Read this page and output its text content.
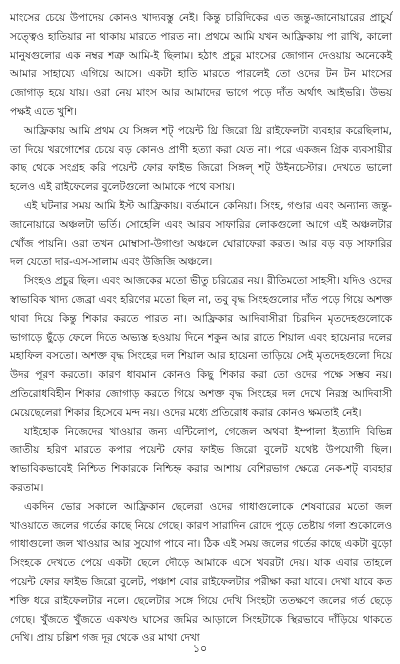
মাংসের চেয়ে উপাদেয় কোনও খাদ্যবস্তু নেই। কিন্তু চারিদিকের এত জন্তু-জানোয়ারের প্রাচুর্য সত্ত্বেও হাতিয়ার না থাকায় মারতে পারত না। প্রথমে আমি যখন আফ্রিকায় পা রাখি, কালো মানুষগুলোর এক নম্বর শত্রু আমি-ই ছিলাম। হঠাৎ প্রচুর মাংসের জোগান দেওয়ায় অনেকেই আমার সাহায্যে এগিয়ে আসে। একটা হাতি মারতে পারলেই তো ওদের টন টন মাংসের জোগাড় হয়ে যায়। ওরা নেয় মাংস আর আমাদের ভাগে পড়ে দাঁত অর্থাৎ আইভরি। উভয় পক্ষই এতে খুশি।

আফ্রিকায় আমি প্রথম যে সিঙ্গল শট্‌ পয়েন্ট থ্রি জিরো থ্রি রাইফেলটা ব্যবহার করেছিলাম, তা দিয়ে খরগোশের চেয়ে বড় কোনও প্রাণী হত্যা করা যেত না। পরে একজন গ্রিক ব্যবসায়ীর কাছ থেকে সংগ্রহ করি পয়েন্ট ফোর ফাইভ জিরো সিঙ্গল্‌ শট্‌ উইনচেস্টার। দেখতে ভালো হলেও এই রাইফেলের বুলেটগুলো আমাকে পথে বসায়।

এই ঘটনার সময় আমি ইস্ট আফ্রিকায়। বর্তমানে কেনিয়া। সিংহ, গণ্ডার এবং অন্যান্য জন্তু-জানোয়ারে অঞ্চলটা ভর্তি। সোহেলি এবং আরব সাফারির লোকগুলো আগে এই অঞ্চলটার খোঁজ পায়নি। ওরা তখন মোম্বাসা-উগাণ্ডা অঞ্চলে ঘোরাফেরা করত। আর বড় বড় সাফারির দল যেতো দার-এস-সালাম এবং উজিজি অঞ্চলে।

সিংহও প্রচুর ছিল। এবং আজকের মতো ভীতু চরিত্রের নয়। রীতিমতো সাহসী। যদিও ওদের স্বাভাবিক খাদ্য জেব্রা এবং হরিণের মতো ছিল না, তবু বৃদ্ধ সিংহগুলোর দাঁত পড়ে গিয়ে অশক্ত থাবা দিয়ে কিন্তু শিকার করতে পারত না। আফ্রিকার আদিবাসীরা চিরদিন মৃতদেহগুলোকে ভাগাড়ে ছুঁড়ে ফেলে দিতে অভ্যস্ত হওয়ায় দিনে শকুন আর রাতে শিয়াল এবং হায়েনার দলের মহাফিল বসতো। অশক্ত বৃদ্ধ সিংহের দল শিয়াল আর হায়েনা তাড়িয়ে সেই মৃতদেহগুলো দিয়ে উদর পূরণ করতো। কারণ ধাবমান কোনও কিছু শিকার করা তো ওদের পক্ষে সম্ভব নয়। প্রতিরোধবিহীন শিকার জোগাড় করতে গিয়ে অশক্ত বৃদ্ধ সিংহের দল দেখে নিরস্ত্র আদিবাসী মেয়েছেলেরা শিকার হিসেবে মন্দ নয়। ওদের মধ্যে প্রতিরোধ করার কোনও ক্ষমতাই নেই।

যাইহোক নিজেদের খাওয়ার জন্য এন্টিলোপ, গেজেল অথবা ইম্পালা ইত্যাদি বিভিন্ন জাতীয় হরিণ মারতে কপার পয়েন্ট ফোর ফাইভ জিরো বুলেট যথেষ্ট উপযোগী ছিল। স্বাভাবিকভাবেই নিশ্চিত শিকারকে নিশ্চিহ্ন করার আশায় বেশিরভাগ ক্ষেত্রে নেক-শট্‌ ব্যবহার করতাম।

একদিন ভোর সকালে আফ্রিকান ছেলেরা ওদের গাধাগুলোকে শেষবারের মতো জল খাওয়াতে জলের গর্তের কাছে নিয়ে গেছে। কারণ সারাদিন রোদে পুড়ে তেষ্টায় গলা শুকোলেও গাধাগুলো জল খাওয়ার আর সুযোগ পাবে না। ঠিক এই সময় জলের গর্তের কাছে একটা বুড়ো সিংহকে দেখতে পেয়ে একটা ছেলে দৌড়ে আমাকে এসে খবরটা দেয়। যাক এবার তাহলে পয়েন্ট ফোর ফাইভ জিরো বুলেট, পঞ্চাশ বোর রাইফেলটার পরীক্ষা করা যাবে। দেখা যাবে কত শক্তি ধরে রাইফেলটার নলে। ছেলেটার সঙ্গে গিয়ে দেখি সিংহটা ততক্ষণে জলের গর্ত ছেড়ে গেছে। খুঁজতে খুঁজতে একখণ্ড ঘাসের জমির আড়ালে সিংহটাকে স্থিরভাবে দাঁড়িয়ে থাকতে দেখি। প্রায় চল্লিশ গজ দূর থেকে ওর মাথা দেখা

১০
